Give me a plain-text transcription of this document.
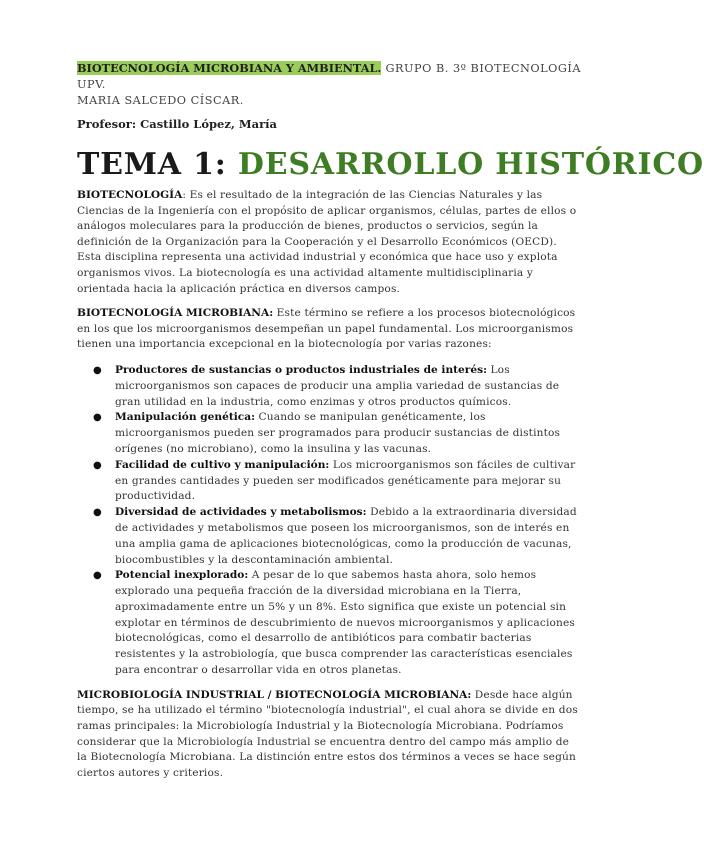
BIOTECNOLOGÍA MICROBIANA Y AMBIENTAL. GRUPO B. 3º BIOTECNOLOGÍA UPV.
MARIA SALCEDO CÍSCAR.
Profesor: Castillo López, María
TEMA 1: DESARROLLO HISTÓRICO

BIOTECNOLOGÍA: Es el resultado de la integración de las Ciencias Naturales y las Ciencias de la Ingeniería con el propósito de aplicar organismos, células, partes de ellos o análogos moleculares para la producción de bienes, productos o servicios, según la definición de la Organización para la Cooperación y el Desarrollo Económicos (OECD). Esta disciplina representa una actividad industrial y económica que hace uso y explota organismos vivos. La biotecnología es una actividad altamente multidisciplinaria y orientada hacia la aplicación práctica en diversos campos.

BIOTECNOLOGÍA MICROBIANA: Este término se refiere a los procesos biotecnológicos en los que los microorganismos desempeñan un papel fundamental. Los microorganismos tienen una importancia excepcional en la biotecnología por varias razones:

● Productores de sustancias o productos industriales de interés: Los microorganismos son capaces de producir una amplia variedad de sustancias de gran utilidad en la industria, como enzimas y otros productos químicos.
● Manipulación genética: Cuando se manipulan genéticamente, los microorganismos pueden ser programados para producir sustancias de distintos orígenes (no microbiano), como la insulina y las vacunas.
● Facilidad de cultivo y manipulación: Los microorganismos son fáciles de cultivar en grandes cantidades y pueden ser modificados genéticamente para mejorar su productividad.
● Diversidad de actividades y metabolismos: Debido a la extraordinaria diversidad de actividades y metabolismos que poseen los microorganismos, son de interés en una amplia gama de aplicaciones biotecnológicas, como la producción de vacunas, biocombustibles y la descontaminación ambiental.
● Potencial inexplorado: A pesar de lo que sabemos hasta ahora, solo hemos explorado una pequeña fracción de la diversidad microbiana en la Tierra, aproximadamente entre un 5% y un 8%. Esto significa que existe un potencial sin explotar en términos de descubrimiento de nuevos microorganismos y aplicaciones biotecnológicas, como el desarrollo de antibióticos para combatir bacterias resistentes y la astrobiología, que busca comprender las características esenciales para encontrar o desarrollar vida en otros planetas.

MICROBIOLOGÍA INDUSTRIAL / BIOTECNOLOGÍA MICROBIANA: Desde hace algún tiempo, se ha utilizado el término "biotecnología industrial", el cual ahora se divide en dos ramas principales: la Microbiología Industrial y la Biotecnología Microbiana. Podríamos considerar que la Microbiología Industrial se encuentra dentro del campo más amplio de la Biotecnología Microbiana. La distinción entre estos dos términos a veces se hace según ciertos autores y criterios.
